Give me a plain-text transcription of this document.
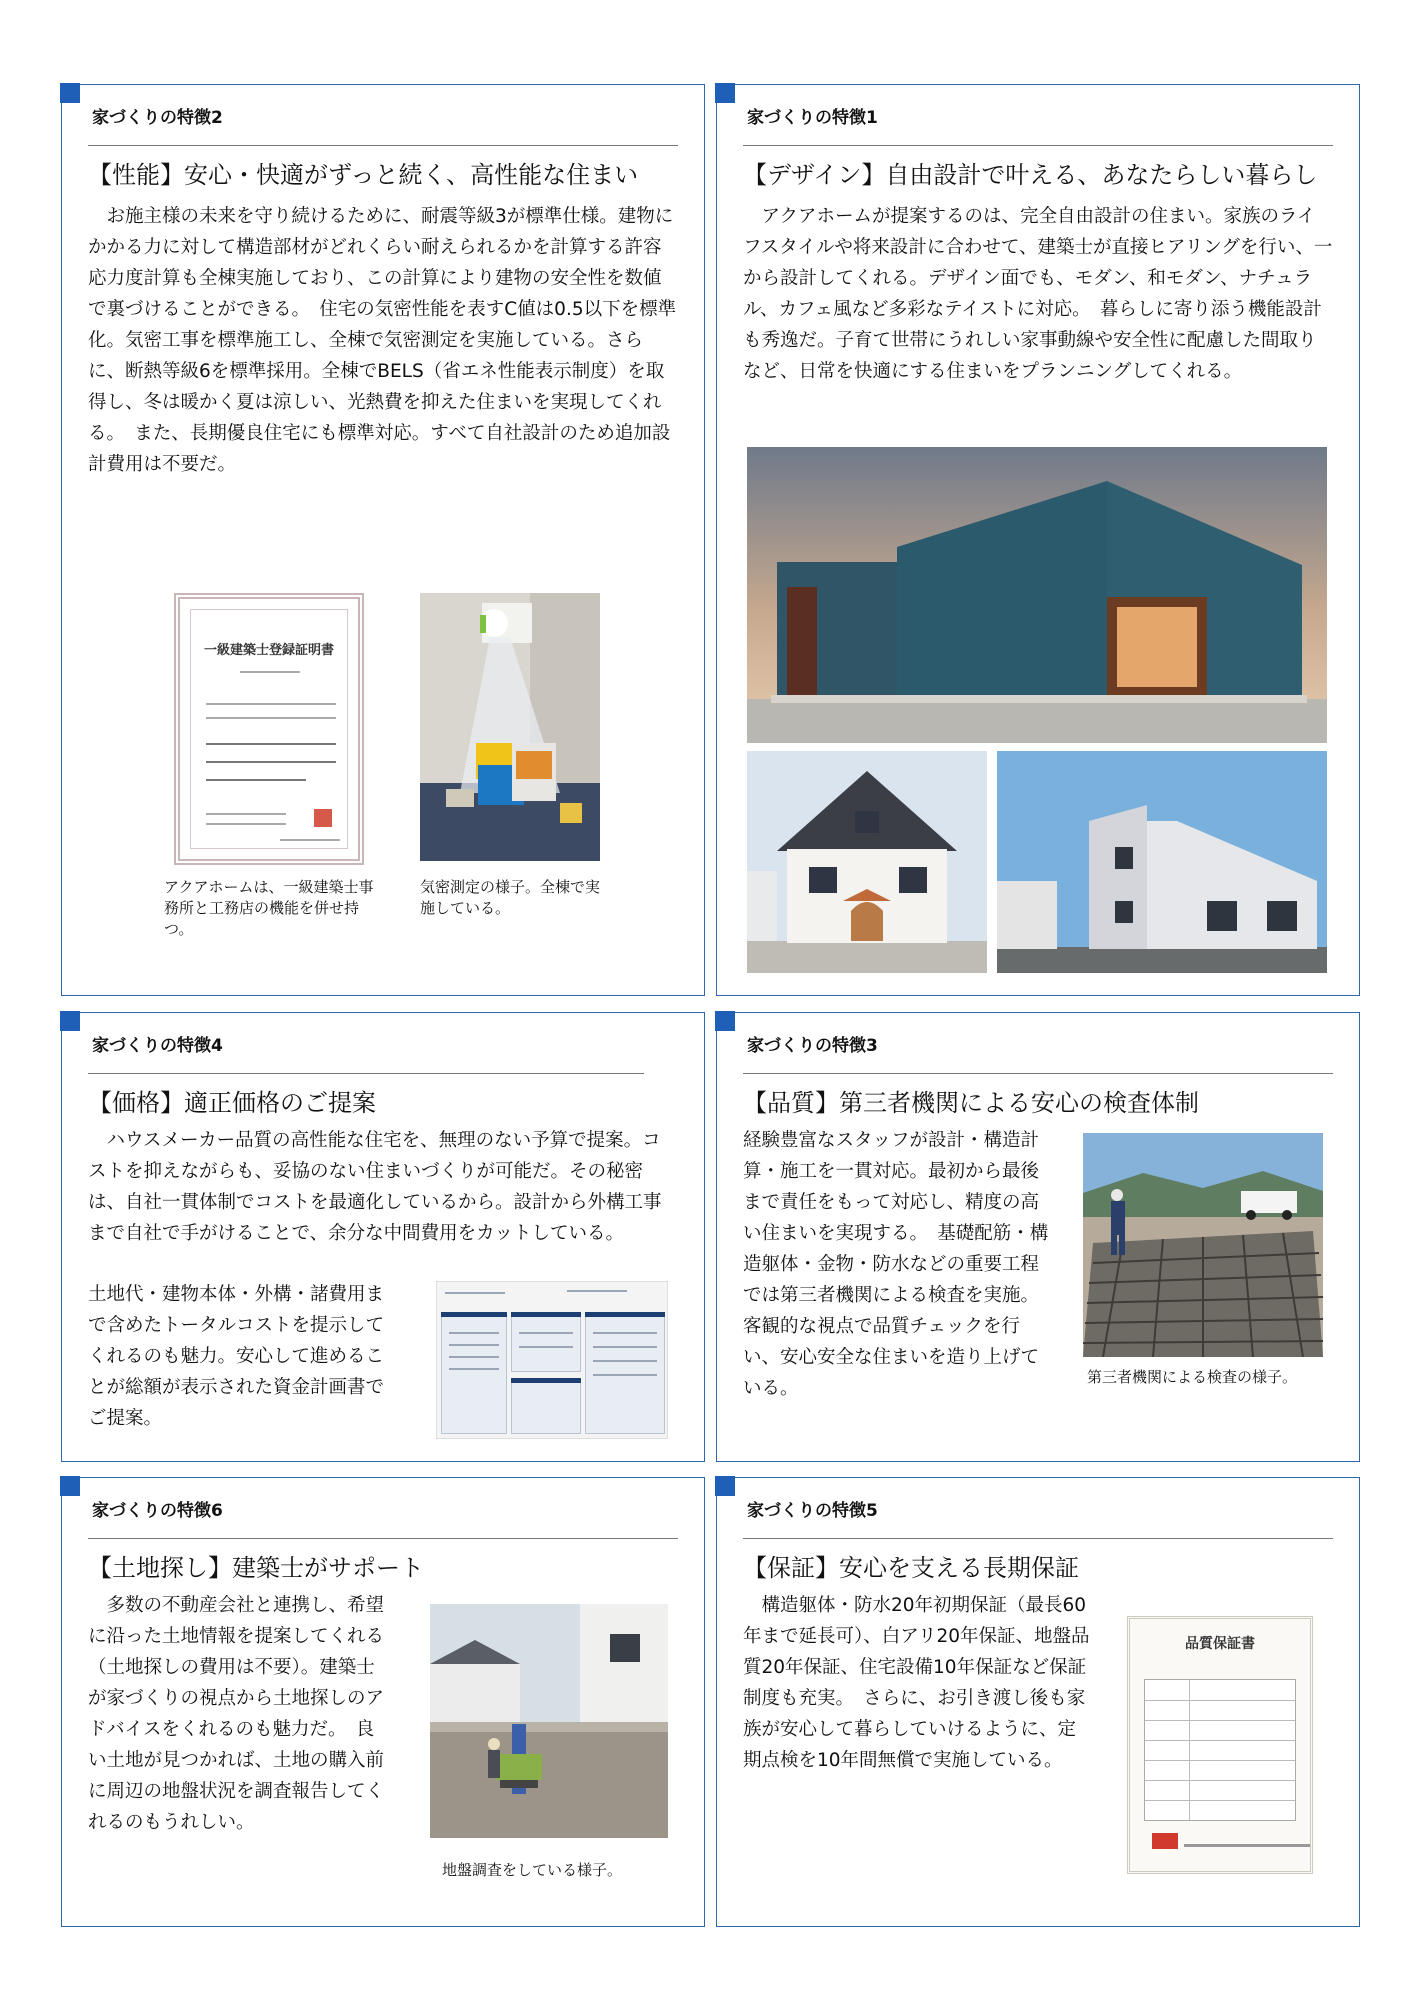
家づくりの特徴2
【性能】安心・快適がずっと続く、高性能な住まい
　お施主様の未来を守り続けるために、耐震等級3が標準仕様。建物にかかる力に対して構造部材がどれくらい耐えられるかを計算する許容応力度計算も全棟実施しており、この計算により建物の安全性を数値で裏づけることができる。　住宅の気密性能を表すC値は0.5以下を標準化。気密工事を標準施工し、全棟で気密測定を実施している。さらに、断熱等級6を標準採用。全棟でBELS（省エネ性能表示制度）を取得し、冬は暖かく夏は涼しい、光熱費を抑えた住まいを実現してくれる。　また、長期優良住宅にも標準対応。すべて自社設計のため追加設計費用は不要だ。
一級建築士登録証明書
アクアホームは、一級建築士事務所と工務店の機能を併せ持つ。
気密測定の様子。全棟で実施している。
家づくりの特徴1
【デザイン】自由設計で叶える、あなたらしい暮らし
　アクアホームが提案するのは、完全自由設計の住まい。家族のライフスタイルや将来設計に合わせて、建築士が直接ヒアリングを行い、一から設計してくれる。デザイン面でも、モダン、和モダン、ナチュラル、カフェ風など多彩なテイストに対応。　暮らしに寄り添う機能設計も秀逸だ。子育て世帯にうれしい家事動線や安全性に配慮した間取りなど、日常を快適にする住まいをプランニングしてくれる。
家づくりの特徴4
【価格】適正価格のご提案
　ハウスメーカー品質の高性能な住宅を、無理のない予算で提案。コストを抑えながらも、妥協のない住まいづくりが可能だ。その秘密は、自社一貫体制でコストを最適化しているから。設計から外構工事まで自社で手がけることで、余分な中間費用をカットしている。
土地代・建物本体・外構・諸費用まで含めたトータルコストを提示してくれるのも魅力。安心して進めることが総額が表示された資金計画書でご提案。
家づくりの特徴3
【品質】第三者機関による安心の検査体制
経験豊富なスタッフが設計・構造計算・施工を一貫対応。最初から最後まで責任をもって対応し、精度の高い住まいを実現する。　基礎配筋・構造躯体・金物・防水などの重要工程では第三者機関による検査を実施。客観的な視点で品質チェックを行い、安心安全な住まいを造り上げている。
第三者機関による検査の様子。
家づくりの特徴6
【土地探し】建築士がサポート
　多数の不動産会社と連携し、希望に沿った土地情報を提案してくれる（土地探しの費用は不要）。建築士が家づくりの視点から土地探しのアドバイスをくれるのも魅力だ。　良い土地が見つかれば、土地の購入前に周辺の地盤状況を調査報告してくれるのもうれしい。
地盤調査をしている様子。
家づくりの特徴5
【保証】安心を支える長期保証
　構造躯体・防水20年初期保証（最長60年まで延長可）、白アリ20年保証、地盤品質20年保証、住宅設備10年保証など保証制度も充実。　さらに、お引き渡し後も家族が安心して暮らしていけるように、定期点検を10年間無償で実施している。
品質保証書
